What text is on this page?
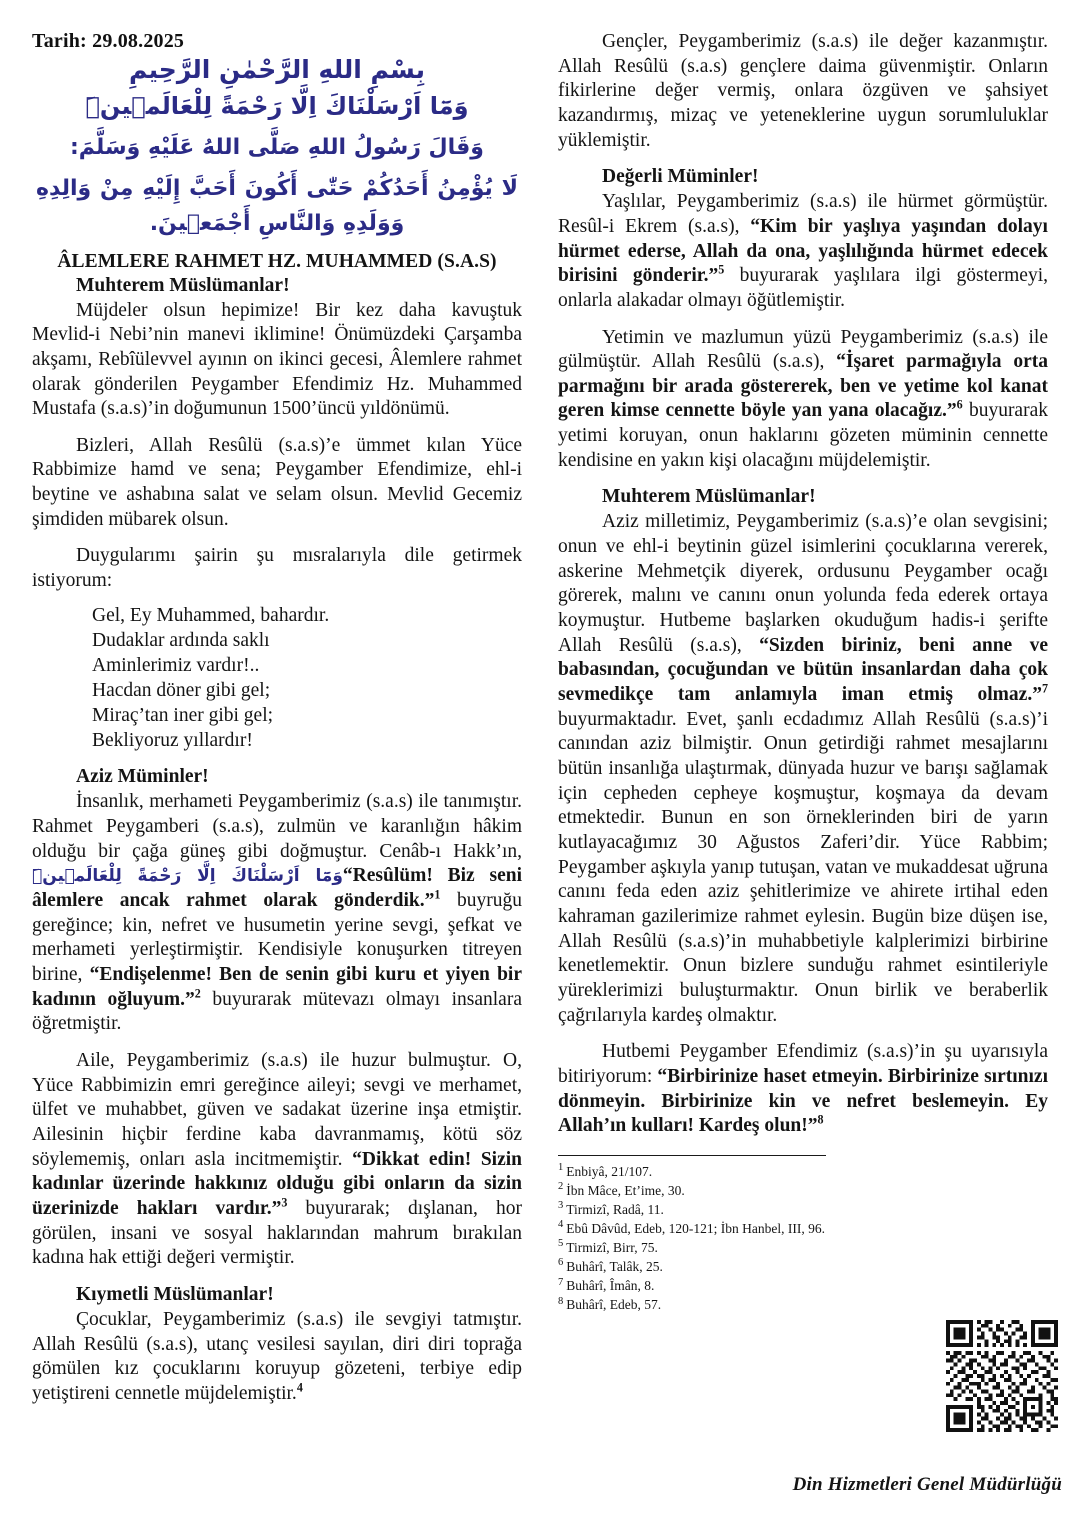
Tarih: 29.08.2025
بِسْمِ اللهِ الرَّحْمٰنِ الرَّحِيمِ
وَمَٓا اَرْسَلْنَاكَ اِلَّا رَحْمَةً لِلْعَالَم۪ينَۜ
وَقَالَ رَسُولُ اللهِ صَلَّى اللهُ عَلَيْهِ وَسَلَّمَ:
لَا يُؤْمِنُ أَحَدُكُمْ حَتّٰى أَكُونَ أَحَبَّ إِلَيْهِ مِنْ وَالِدِهِ وَوَلَدِهِ وَالنَّاسِ أَجْمَع۪ينَ.
ÂLEMLERE RAHMET HZ. MUHAMMED (S.A.S)
Muhterem Müslümanlar!

Müjdeler olsun hepimize! Bir kez daha kavuştuk Mevlid-i Nebi’nin manevi iklimine! Önümüzdeki Çarşamba akşamı, Rebîülevvel ayının on ikinci gecesi, Âlemlere rahmet olarak gönderilen Peygamber Efendimiz Hz. Muhammed Mustafa (s.a.s)’in doğumunun 1500’üncü yıldönümü.

Bizleri, Allah Resûlü (s.a.s)’e ümmet kılan Yüce Rabbimize hamd ve sena; Peygamber Efendimize, ehl-i beytine ve ashabına salat ve selam olsun. Mevlid Gecemiz şimdiden mübarek olsun.

Duygularımı şairin şu mısralarıyla dile getirmek istiyorum:

Gel, Ey Muhammed, bahardır.
Dudaklar ardında saklı
Aminlerimiz vardır!..
Hacdan döner gibi gel;
Miraç’tan iner gibi gel;
Bekliyoruz yıllardır!
Aziz Müminler!

İnsanlık, merhameti Peygamberimiz (s.a.s) ile tanımıştır. Rahmet Peygamberi (s.a.s), zulmün ve karanlığın hâkim olduğu bir çağa güneş gibi doğmuştur. Cenâb-ı Hakk’ın, وَمَٓا اَرْسَلْنَاكَ اِلَّا رَحْمَةً لِلْعَالَم۪ينَۜ“Resûlüm! Biz seni âlemlere ancak rahmet olarak gönderdik.”$^1$ buyruğu gereğince; kin, nefret ve husumetin yerine sevgi, şefkat ve merhameti yerleştirmiştir. Kendisiyle konuşurken titreyen birine, “Endişelenme! Ben de senin gibi kuru et yiyen bir kadının oğluyum.”$^2$ buyurarak mütevazı olmayı insanlara öğretmiştir.

Aile, Peygamberimiz (s.a.s) ile huzur bulmuştur. O, Yüce Rabbimizin emri gereğince aileyi; sevgi ve merhamet, ülfet ve muhabbet, güven ve sadakat üzerine inşa etmiştir. Ailesinin hiçbir ferdine kaba davranmamış, kötü söz söylememiş, onları asla incitmemiştir. “Dikkat edin! Sizin kadınlar üzerinde hakkınız olduğu gibi onların da sizin üzerinizde hakları vardır.”$^3$ buyurarak; dışlanan, hor görülen, insani ve sosyal haklarından mahrum bırakılan kadına hak ettiği değeri vermiştir.

Kıymetli Müslümanlar!

Çocuklar, Peygamberimiz (s.a.s) ile sevgiyi tatmıştır. Allah Resûlü (s.a.s), utanç vesilesi sayılan, diri diri toprağa gömülen kız çocuklarını koruyup gözeteni, terbiye edip yetiştireni cennetle müjdelemiştir.$^4$

Gençler, Peygamberimiz (s.a.s) ile değer kazanmıştır. Allah Resûlü (s.a.s) gençlere daima güvenmiştir. Onların fikirlerine değer vermiş, onlara özgüven ve şahsiyet kazandırmış, mizaç ve yeteneklerine uygun sorumluluklar yüklemiştir.

Değerli Müminler!

Yaşlılar, Peygamberimiz (s.a.s) ile hürmet görmüştür. Resûl-i Ekrem (s.a.s), “Kim bir yaşlıya yaşından dolayı hürmet ederse, Allah da ona, yaşlılığında hürmet edecek birisini gönderir.”$^5$ buyurarak yaşlılara ilgi göstermeyi, onlarla alakadar olmayı öğütlemiştir.

Yetimin ve mazlumun yüzü Peygamberimiz (s.a.s) ile gülmüştür. Allah Resûlü (s.a.s), “İşaret parmağıyla orta parmağını bir arada göstererek, ben ve yetime kol kanat geren kimse cennette böyle yan yana olacağız.”$^6$ buyurarak yetimi koruyan, onun haklarını gözeten müminin cennette kendisine en yakın kişi olacağını müjdelemiştir.

Muhterem Müslümanlar!

Aziz milletimiz, Peygamberimiz (s.a.s)’e olan sevgisini; onun ve ehl-i beytinin güzel isimlerini çocuklarına vererek, askerine Mehmetçik diyerek, ordusunu Peygamber ocağı görerek, malını ve canını onun yolunda feda ederek ortaya koymuştur. Hutbeme başlarken okuduğum hadis-i şerifte Allah Resûlü (s.a.s), “Sizden biriniz, beni anne ve babasından, çocuğundan ve bütün insanlardan daha çok sevmedikçe tam anlamıyla iman etmiş olmaz.”$^7$ buyurmaktadır. Evet, şanlı ecdadımız Allah Resûlü (s.a.s)’i canından aziz bilmiştir. Onun getirdiği rahmet mesajlarını bütün insanlığa ulaştırmak, dünyada huzur ve barışı sağlamak için cepheden cepheye koşmuştur, koşmaya da devam etmektedir. Bunun en son örneklerinden biri de yarın kutlayacağımız 30 Ağustos Zaferi’dir. Yüce Rabbim; Peygamber aşkıyla yanıp tutuşan, vatan ve mukaddesat uğruna canını feda eden aziz şehitlerimize ve ahirete irtihal eden kahraman gazilerimize rahmet eylesin. Bugün bize düşen ise, Allah Resûlü (s.a.s)’in muhabbetiyle kalplerimizi birbirine kenetlemektir. Onun bizlere sunduğu rahmet esintileriyle yüreklerimizi buluşturmaktır. Onun birlik ve beraberlik çağrılarıyla kardeş olmaktır.

Hutbemi Peygamber Efendimiz (s.a.s)’in şu uyarısıyla bitiriyorum: “Birbirinize haset etmeyin. Birbirinize sırtınızı dönmeyin. Birbirinize kin ve nefret beslemeyin. Ey Allah’ın kulları! Kardeş olun!”$^8$

$^1$ Enbiyâ, 21/107.
$^2$ İbn Mâce, Et’ime, 30.
$^3$ Tirmizî, Radâ, 11.
$^4$ Ebû Dâvûd, Edeb, 120-121; İbn Hanbel, III, 96.
$^5$ Tirmizî, Birr, 75.
$^6$ Buhârî, Talâk, 25.
$^7$ Buhârî, Îmân, 8.
$^8$ Buhârî, Edeb, 57.
Din Hizmetleri Genel Müdürlüğü
